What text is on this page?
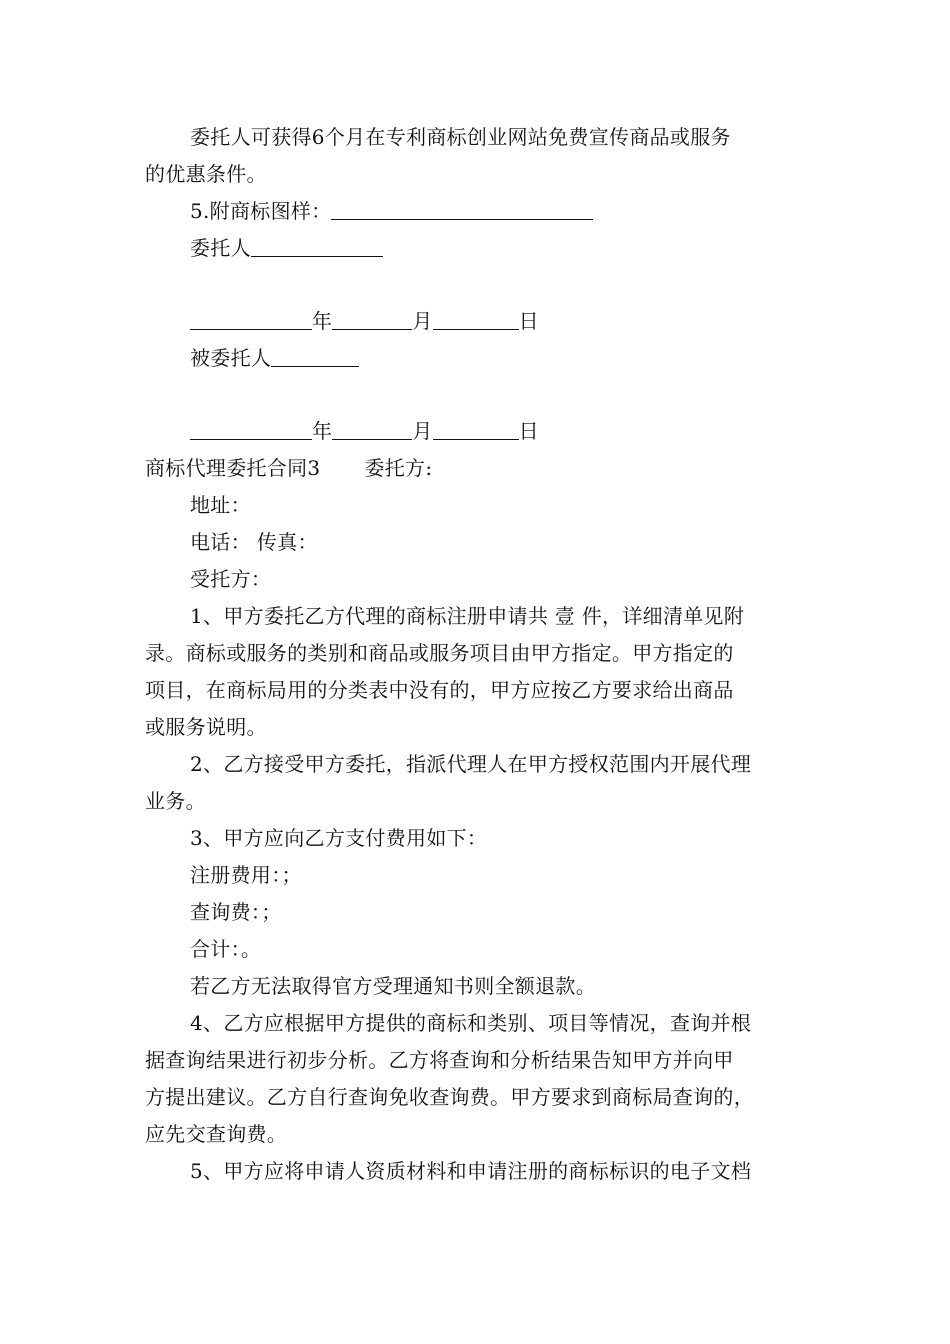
委托人可获得6个月在专利商标创业网站免费宣传商品或服务
的优惠条件。
5.附商标图样：
委托人
年	月	日
被委托人
年	月	日
商标代理委托合同3 委托方:
地址：
电话： 传真：
受托方：
1、甲方委托乙方代理的商标注册申请共 壹 件，详细清单见附
录。商标或服务的类别和商品或服务项目由甲方指定。甲方指定的
项目，在商标局用的分类表中没有的，甲方应按乙方要求给出商品
或服务说明。
2、乙方接受甲方委托，指派代理人在甲方授权范围内开展代理
业务。
3、甲方应向乙方支付费用如下：
注册费用：；
查询费：；
合计：。
若乙方无法取得官方受理通知书则全额退款。
4、乙方应根据甲方提供的商标和类别、项目等情况，查询并根
据查询结果进行初步分析。乙方将查询和分析结果告知甲方并向甲
方提出建议。乙方自行查询免收查询费。甲方要求到商标局查询的，
应先交查询费。
5、甲方应将申请人资质材料和申请注册的商标标识的电子文档
